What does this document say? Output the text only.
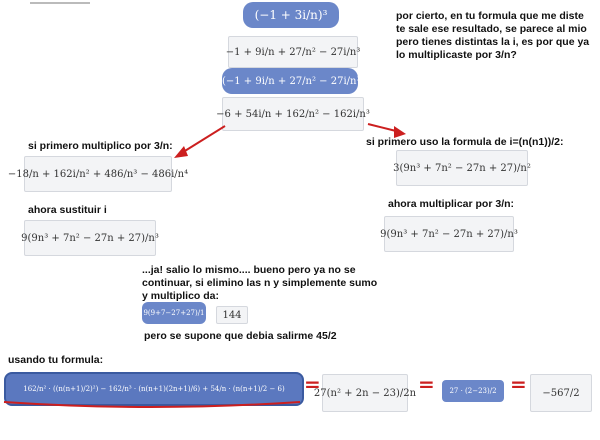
(−1 + 3i/n)³
−1 + 9i/n + 27/n² − 27i/n³
6(−1 + 9i/n + 27/n² − 27i/n³)
−6 + 54i/n + 162/n² − 162i/n³
por cierto, en tu formula que me diste te sale ese resultado, se parece al mio pero tienes distintas la i, es por que ya lo multiplicaste por 3/n?
si primero multiplico por 3/n:
−18/n + 162i/n² + 486/n³ − 486i/n⁴
ahora sustituir i
9(9n³ + 7n² − 27n + 27)/n³
si primero uso la formula de i=(n(n1))/2:
3(9n³ + 7n² − 27n + 27)/n²
ahora multiplicar por 3/n:
9(9n³ + 7n² − 27n + 27)/n³
...ja! salio lo mismo.... bueno pero ya no se continuar, si elimino las n y simplemente sumo y multiplico da:
9(9+7−27+27)/1 144
pero se supone que debia salirme 45/2
usando tu formula:
162/n² · ((n(n+1)/2)²) − 162/n³ · (n(n+1)(2n+1)/6) + 54/n · (n(n+1)/2 − 6) =
27(n² + 2n − 23)/2n = 27 · (2−23)/2 = −567/2
